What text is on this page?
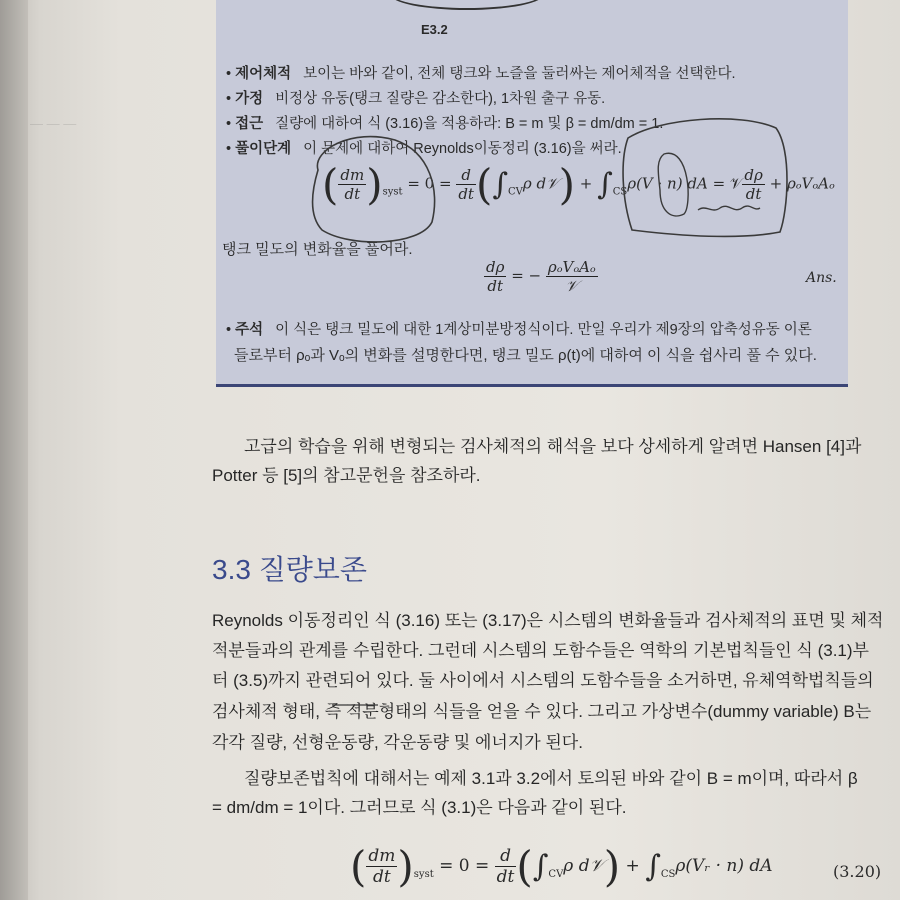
— — —
E3.2
• 제어체적 보이는 바와 같이, 전체 탱크와 노즐을 둘러싸는 제어체적을 선택한다.
• 가정 비정상 유동(탱크 질량은 감소한다), 1차원 출구 유동.
• 접근 질량에 대하여 식 (3.16)을 적용하라: B = m 및 β = dm/dm = 1.
• 풀이단계 이 문제에 대하여 Reynolds이동정리 (3.16)을 써라.
( $\frac{dm}{dt} )_{syst} = 0 = \frac{d}{dt} (\int_{CV}\rho$ d𝒱) + $\int_{CS}\rho(V \cdot n)$ dA = 𝒱 $\frac{d\rho}{dt} + \rho_oV_oA_o$
탱크 밀도의 변화율을 풀어라.
$\frac{d\rho}{dt}$ = − $\frac{\text{ρₒVₒAₒ}}{\text{𝒱}}$	Ans.
• 주석 이 식은 탱크 밀도에 대한 1계상미분방정식이다. 만일 우리가 제9장의 압축성유동 이론
들로부터 ρₒ과 Vₒ의 변화를 설명한다면, 탱크 밀도 ρ(t)에 대하여 이 식을 쉽사리 풀 수 있다.
고급의 학습을 위해 변형되는 검사체적의 해석을 보다 상세하게 알려면 Hansen [4]과
Potter 등 [5]의 참고문헌을 참조하라.
3.3 질량보존
Reynolds 이동정리인 식 (3.16) 또는 (3.17)은 시스템의 변화율들과 검사체적의 표면 및 체적
적분들과의 관계를 수립한다. 그런데 시스템의 도함수들은 역학의 기본법칙들인 식 (3.1)부
터 (3.5)까지 관련되어 있다. 둘 사이에서 시스템의 도함수들을 소거하면, 유체역학법칙들의
검사체적 형태, 즉 적분형태의 식들을 얻을 수 있다. 그리고 가상변수(dummy variable) B는
각각 질량, 선형운동량, 각운동량 및 에너지가 된다.
질량보존법칙에 대해서는 예제 3.1과 3.2에서 토의된 바와 같이 B = m이며, 따라서 β
= dm/dm = 1이다. 그러므로 식 (3.1)은 다음과 같이 된다.
( $\frac{dm}{dt} )_{syst} = 0 = \frac{d}{dt} (\int_{CV}\rho$ d𝒱) + $\int_{CS}\rho(Vᵣ \cdot n)$ dA	(3.20)
